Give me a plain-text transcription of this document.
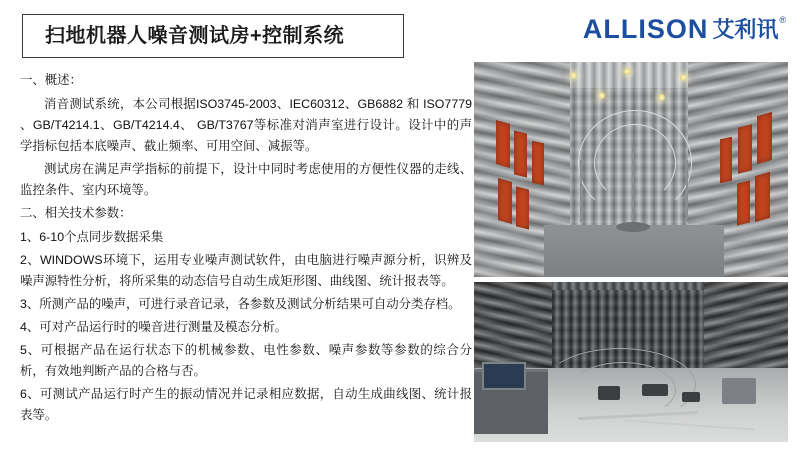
扫地机器人噪音测试房+控制系统	ALLISON 艾利讯 ®

一、概述：

消音测试系统，本公司根据ISO3745-2003、IEC60312、GB6882 和 ISO7779 、GB/T4214.1、GB/T4214.4、 GB/T3767等标准对消声室进行设计。设计中的声学指标包括本底噪声、截止频率、可用空间、减振等。

测试房在满足声学指标的前提下，设计中同时考虑使用的方便性仪器的走线、监控条件、室内环境等。

二、相关技术参数：

1、6-10个点同步数据采集

2、WINDOWS环境下，运用专业噪声测试软件，由电脑进行噪声源分析，识辨及噪声源特性分析，将所采集的动态信号自动生成矩形图、曲线图、统计报表等。

3、所测产品的噪声，可进行录音记录，各参数及测试分析结果可自动分类存档。

4、可对产品运行时的噪音进行测量及模态分析。

5、可根据产品在运行状态下的机械参数、电性参数、噪声参数等参数的综合分析，有效地判断产品的合格与否。

6、可测试产品运行时产生的振动情况并记录相应数据，自动生成曲线图、统计报表等。
